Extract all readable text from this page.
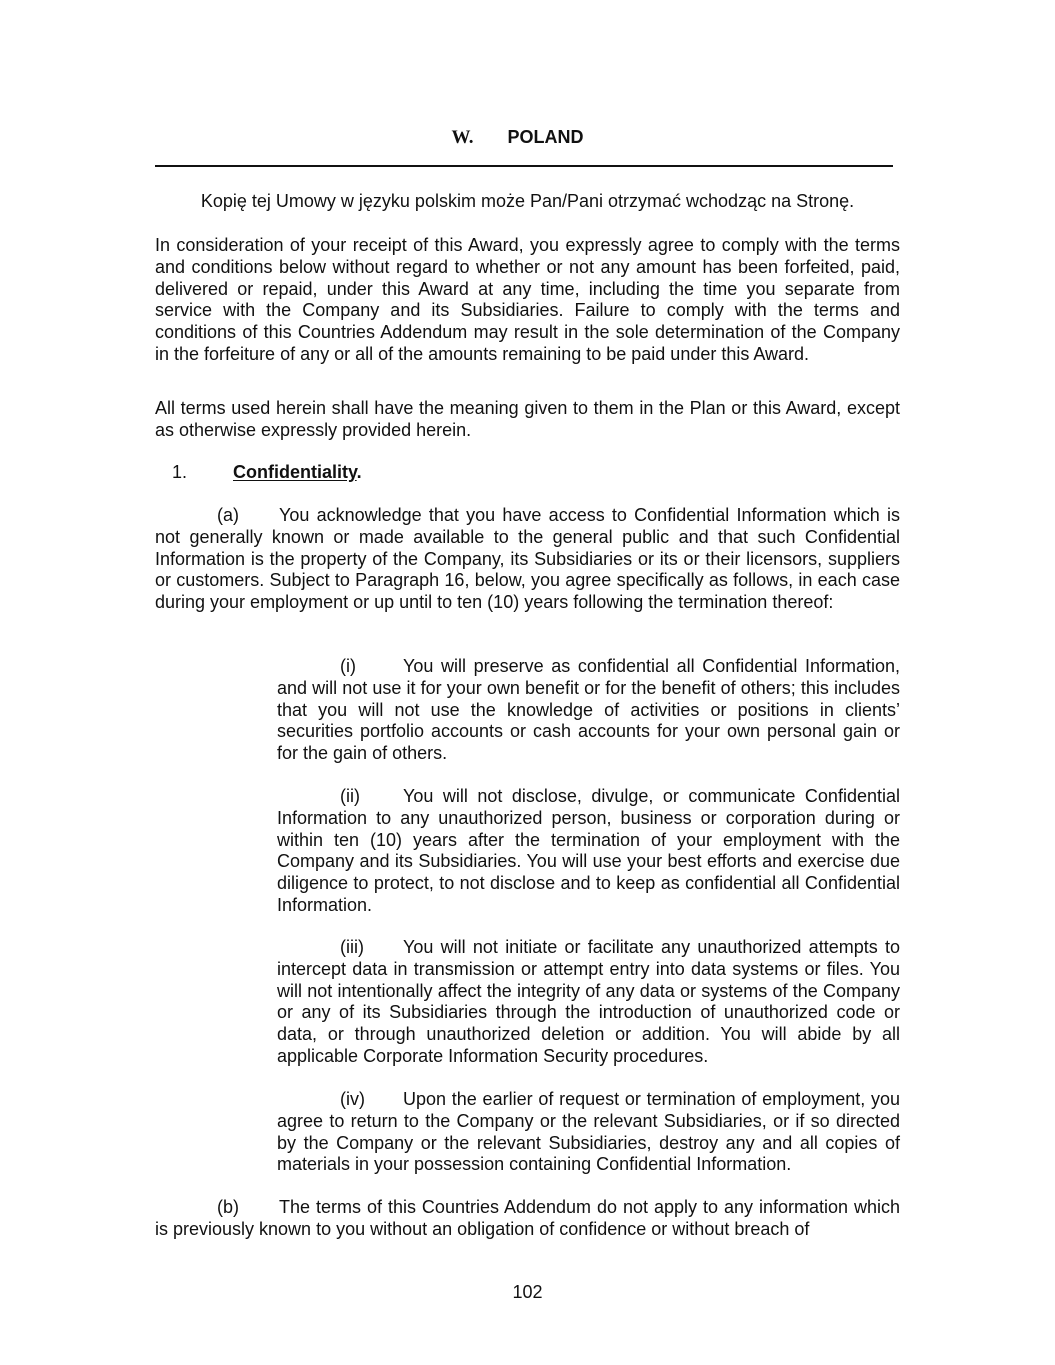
W. POLAND

Kopię tej Umowy w języku polskim może Pan/Pani otrzymać wchodząc na Stronę.

In consideration of your receipt of this Award, you expressly agree to comply with the terms and conditions below without regard to whether or not any amount has been forfeited, paid, delivered or repaid, under this Award at any time, including the time you separate from service with the Company and its Subsidiaries. Failure to comply with the terms and conditions of this Countries Addendum may result in the sole determination of the Company in the forfeiture of any or all of the amounts remaining to be paid under this Award.

All terms used herein shall have the meaning given to them in the Plan or this Award, except as otherwise expressly provided herein.

1.	Confidentiality.

(a) You acknowledge that you have access to Confidential Information which is not generally known or made available to the general public and that such Confidential Information is the property of the Company, its Subsidiaries or its or their licensors, suppliers or customers. Subject to Paragraph 16, below, you agree specifically as follows, in each case during your employment or up until to ten (10) years following the termination thereof:

(i)	You will preserve as confidential all Confidential Information, and will not use it for your own benefit or for the benefit of others; this includes that you will not use the knowledge of activities or positions in clients’ securities portfolio accounts or cash accounts for your own personal gain or for the gain of others.

(ii) You will not disclose, divulge, or communicate Confidential Information to any unauthorized person, business or corporation during or within ten (10) years after the termination of your employment with the Company and its Subsidiaries. You will use your best efforts and exercise due diligence to protect, to not disclose and to keep as confidential all Confidential Information.

(iii) You will not initiate or facilitate any unauthorized attempts to intercept data in transmission or attempt entry into data systems or files. You will not intentionally affect the integrity of any data or systems of the Company or any of its Subsidiaries through the introduction of unauthorized code or data, or through unauthorized deletion or addition. You will abide by all applicable Corporate Information Security procedures.

(iv) Upon the earlier of request or termination of employment, you agree to return to the Company or the relevant Subsidiaries, or if so directed by the Company or the relevant Subsidiaries, destroy any and all copies of materials in your possession containing Confidential Information.

(b) The terms of this Countries Addendum do not apply to any information which is previously known to you without an obligation of confidence or without breach of

102
